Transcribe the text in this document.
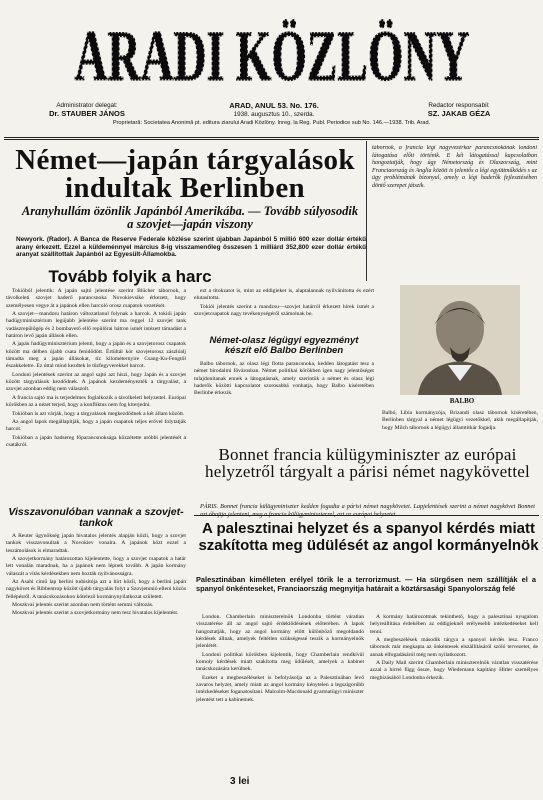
ARADI KÖZLÖNY
ARADI KÖZLÖNY
Administrator delegat:
Dr. STAUBER JÁNOS
ARAD, ANUL 53. No. 176.
1938. augusztus 10., szerda.
Redactor responsabil:
SZ. JAKAB GÉZA
Proprietară: Societatea Anonimă pt. editura ziarului Aradi Közlöny. Inreg. la Reg. Publ. Periodice sub No. 146.—1938. Trib. Arad.
Német—japán tárgyalások indultak Berlinben
Aranyhullám özönlik Japánból Amerikába. — Tovább súlyosodik a szovjet—japán viszony
Newyork. (Rador). A Banca de Reserve Federale közlése szerint újabban Japánból 5 millió 600 ezer dollár értékű arany érkezett. Ezzel a küldeménnyel március 8-ig visszamenőleg összesen 1 milliárd 352,800 ezer dollár értékű aranyat szállítottak Japánból az Egyesült-Államokba.
tábornok, a francia légi nagyvezérkar parancsnokának londoni látogatása előtt történik. E két látogatással kapcsolatban hangoztatják, hogy úgy Németország és Olaszország, mint Franciaország és Anglia között is jelentős a légi együttműködés s az ügy problémának bizonyul, amely a légi haderők fejlesztésében döntő szerepet játszik.
Tovább folyik a harc

Tokióból jelentik: A japán sajtó jelentése szerint Blücher tábornok, a távolkeleti szovjet haderő parancsnoka Novokievsike érkezett, hogy személyesen vegye át a japánok ellen harcoló orosz csapatok vezetését.

A szovjet—mandzsu határon változatlanul folynak a harcok. A tokiói japán hadügyminisztérium legújabb jelentése szerint ma reggel 12 szovjet tank vadászrepülőgép és 2 bombavető ellő repülőrai hátron ismét intézett támadást a határon levő japán állások ellen.

A japán hadügyminisztérium jelenti, hogy a japán és a szovjetorosz csapatok között ma délben újabb csata fenidődött. Értültál kór szovjetorosz zászlóalj támadta meg a japán állásokat, tíz kilométernyire Csang-Ku-Fengtől északkeletre. Ez úttal mind kezdtek le tűzfegyverekkel harcot.

Londoni jelentések szerint az angol sajtó azt hiszi, hogy Japán és a szovjet között tárgyalások kezdődnek. A japánok kezdeményezték a tárgyalást, a szovjet azonban eddig nem válaszolt.

A francia sajtó ma is terjedelmes foglalkozik a távolkeleti helyzettel. Európai körökben az a nézet terjed, hogy a konfliktus nem fog kiterjedni.

Tokióban is azt várják, hogy a tárgyalások megkezdődnek a két állam között.

Az angol lapok megállapítják, hogy a japán csapatok teljes erővel folytatják harcot.

Tokióban a japán hadsereg főparancsnoksága közzétette utóbbi jelentését a csatákról.

ezt a titokzatot is, mint az eddigieket is, alaptalannak nyilvánította és ezért elutasította.

Tokiói jelentés szerint a mandzsu—szovjet határról érkezett hírek ismét a szovjetcsapatok nagy tevékenységéről számolnak be.

Német-olasz légügyi egyezményt készít elő Balbo Berlinben

Balbo tábornok, az olasz légi flotta parancsnoka, kedden látogatást tesz a német birodalmi fővárosban. Német politikai körökben igen nagy jelentőséget tulajdonítanak ennek a látogatásnak, amely szerintük a német és olasz légi haderők közötti kapcsolatot szorosabbá vonhatja, hogy Balbo kíséretében Berlinbe érkezik.

BALBO
Balbó, Libia kormányzója, Brizandi olasz tábornok kíséretében, Berlinben tárgyal a német légügyi vezetőkkel, akik megállapítják, hogy Milch tábornok a légügyi államtitkár fogadja.
Bonnet francia külügyminiszter az európai helyzetről tárgyalt a párisi német nagykövettel
PÁRIS. Bonnet francia külügyminiszter kedden fogadta a párisi német nagykövetet. Lapjelentések szerint a német nagykövet Bonnet azt óhajtja jelenteni, meg a francia külügyminiszterrel, azt az európai helyzetet.
A palesztinai helyzet és a spanyol kérdés miatt szakította meg üdülését az angol kormányelnök
Palesztinában kimélleten erélyel törik le a terrorizmust. — Ha sürgősen nem szállítják el a spanyol önkénteseket, Franciaország megnyitja határait a köztársasági Spanyolország felé
Visszavonulóban vannak a szovjet-tankok

A Reuter ügynökség japán hivatalos jelentés alapján közli, hogy a szovjet tankok visszavonultak a Novokiev vonalra. A japánok közt ezzel a leszámolások is elmaradtak.

A szovjetkormány határozottan kijelentette, hogy a szovjet csapatok a határ lett vonalán maradnak, ha a japánok nem lépnek tovább. A japán kormány válaszát a vitás kérdésekben nem hozták nyilvánosságra.

Az Asahi cimű lap berlini tudósítója azt a hírt közli, hogy a berlini japán nagykövet és Ribbentrop között újabb tárgyalás folyt a Szovjetunió elleni közös fellépésről. A tanácskozásokon kötelező kormánynyilatkozat született.

Moszkvai jelentés szerint azonban nem történt semmi változás.

Moszkvai jelentés szerint a szovjetkormány nem tesz hivatalos kijelentést.

London. Chamberlain miniszterelnök Londonba történt váratlan visszatérése áll az angol sajtó érdeklődésének előterében. A lapok hangoztatják, hogy az angol kormány előtt különböző megoldandó kérdések állnak, amelyek feltétlen szükségessé teszik a kormányelnök jelenlétét.

Londoni politikai körökben kijelentik, hogy Chamberlain rendkívül komoly kérdések miatt szakította meg üdülését, amelyek a kabinet tanácskozására kerülnek.

Ezeket a megbeszéléseket is befolyásolja az a Palesztinában levő zavaros helyzet, amely miatt az angol kormány kénytelen a legszigorúbb intézkedéseket foganatosítani. Malcolm-Macdonald gyarmatügyi miniszter jelentést tett a kabinetnek.

A kormány határozottnak tekinthető, hogy a palesztinai nyugalom helyreállítása érdekében az eddigieknél erélyesebb intézkedéseket kell tenni.

A megbeszélések második tárgya a spanyol kérdés lesz. Franco tábornok már megkapta az önkéntesek elszállításáról szóló tervezetet, de annak elfogadásáról még nem nyilatkozott.

A Daily Mail szerint Chamberlain miniszterelnök váratlan visszatérése azzal a hírrel függ össze, hogy Wiedemann kapitány Hitler személyes megbízásából Londonba érkezik.

3 lei
